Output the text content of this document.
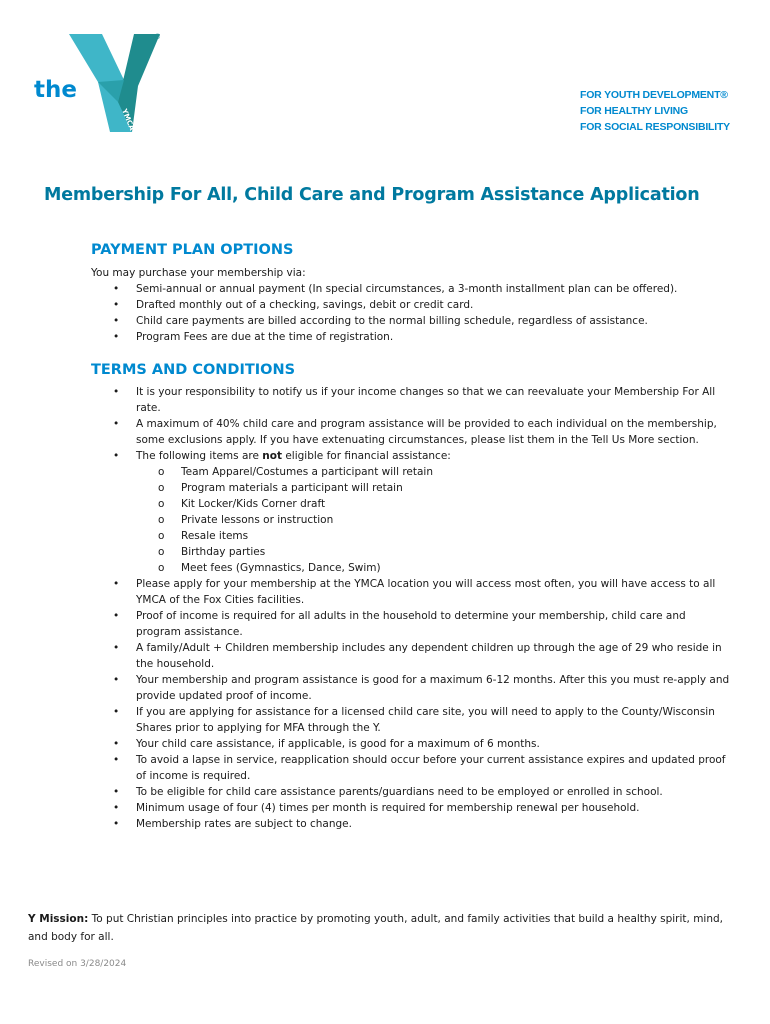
the
YMCA
®
FOR YOUTH DEVELOPMENT®
FOR HEALTHY LIVING
FOR SOCIAL RESPONSIBILITY
Membership For All, Child Care and Program Assistance Application
PAYMENT PLAN OPTIONS
You may purchase your membership via:
• Semi-annual or annual payment (In special circumstances, a 3-month installment plan can be offered).
• Drafted monthly out of a checking, savings, debit or credit card.
• Child care payments are billed according to the normal billing schedule, regardless of assistance.
• Program Fees are due at the time of registration.
TERMS AND CONDITIONS
• It is your responsibility to notify us if your income changes so that we can reevaluate your Membership For All rate.
• A maximum of 40% child care and program assistance will be provided to each individual on the membership, some exclusions apply. If you have extenuating circumstances, please list them in the Tell Us More section.
• The following items are not eligible for financial assistance:
o Team Apparel/Costumes a participant will retain
o Program materials a participant will retain
o Kit Locker/Kids Corner draft
o Private lessons or instruction
o Resale items
o Birthday parties
o Meet fees (Gymnastics, Dance, Swim)
• Please apply for your membership at the YMCA location you will access most often, you will have access to all YMCA of the Fox Cities facilities.
• Proof of income is required for all adults in the household to determine your membership, child care and program assistance.
• A family/Adult + Children membership includes any dependent children up through the age of 29 who reside in the household.
• Your membership and program assistance is good for a maximum 6-12 months. After this you must re-apply and provide updated proof of income.
• If you are applying for assistance for a licensed child care site, you will need to apply to the County/Wisconsin Shares prior to applying for MFA through the Y.
• Your child care assistance, if applicable, is good for a maximum of 6 months.
• To avoid a lapse in service, reapplication should occur before your current assistance expires and updated proof of income is required.
• To be eligible for child care assistance parents/guardians need to be employed or enrolled in school.
• Minimum usage of four (4) times per month is required for membership renewal per household.
• Membership rates are subject to change.
Y Mission: To put Christian principles into practice by promoting youth, adult, and family activities that build a healthy spirit, mind, and body for all.
Revised on 3/28/2024
